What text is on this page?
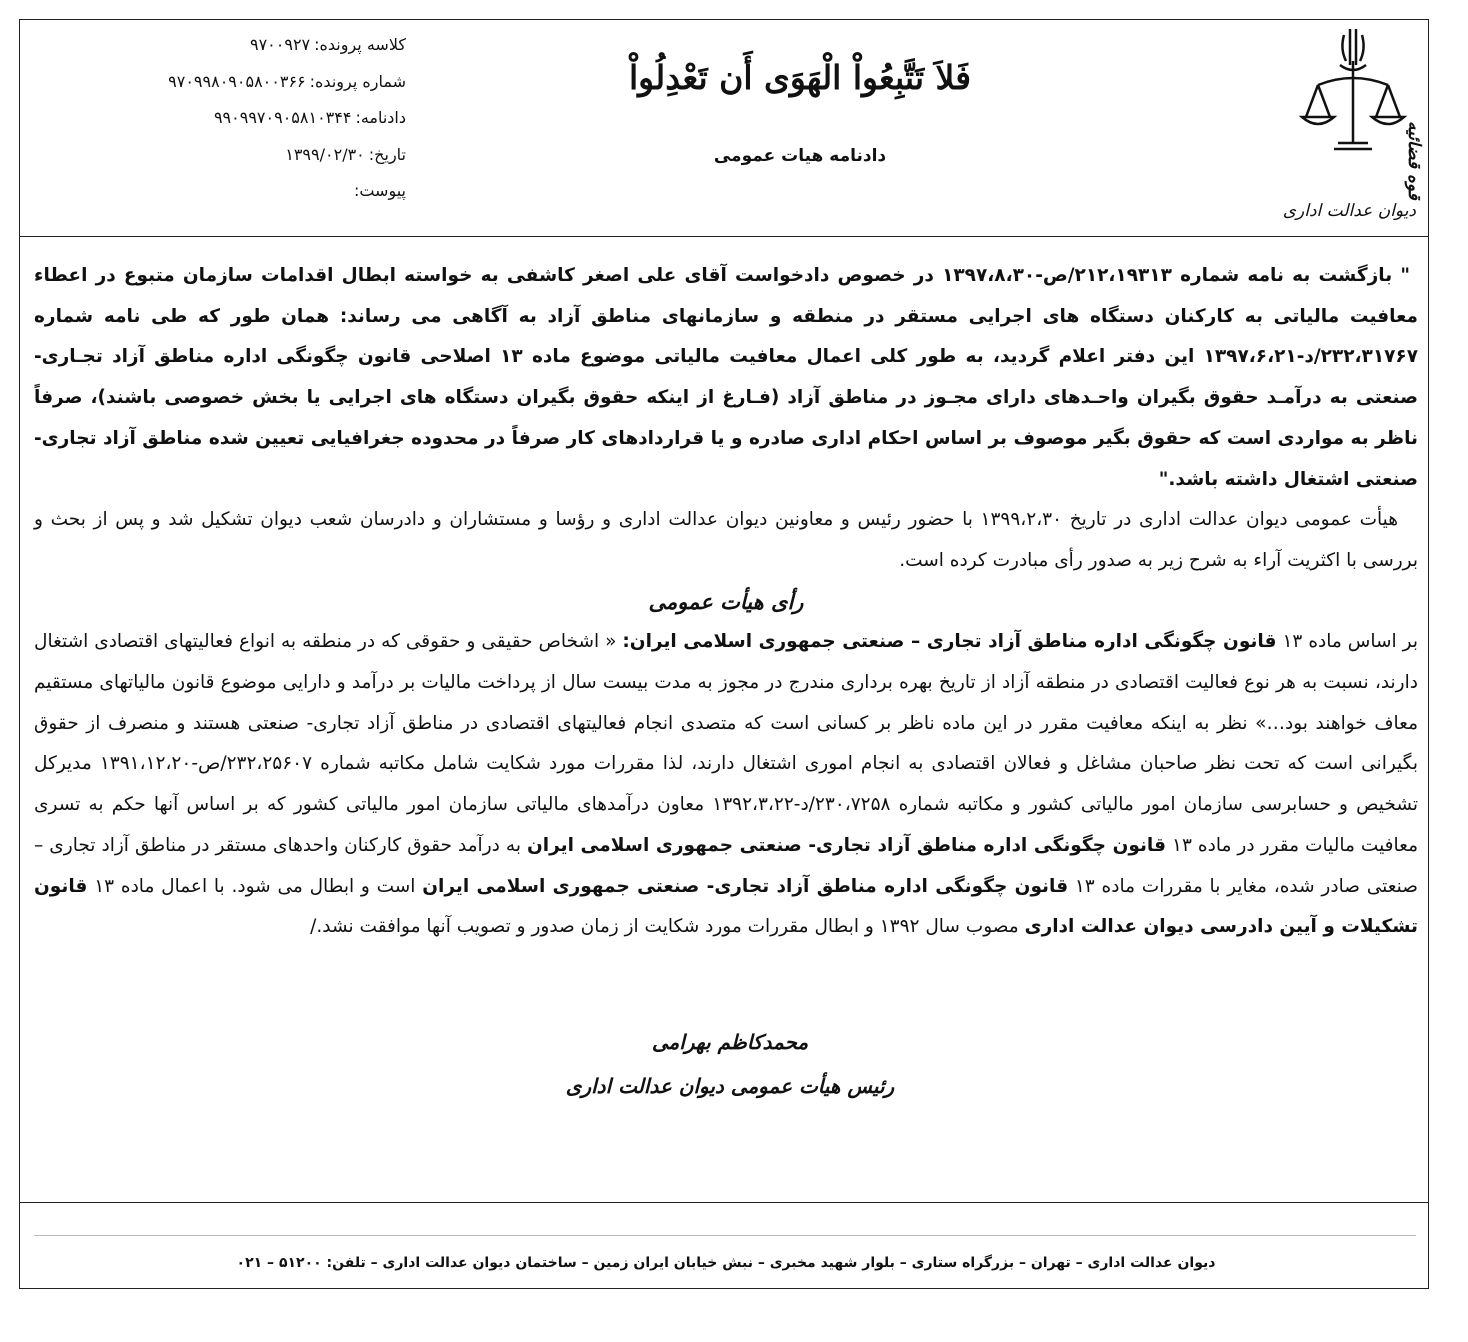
قوه قضائیه
دیوان عدالت اداری
فَلاَ تَتَّبِعُواْ الْهَوَى أَن تَعْدِلُواْ
دادنامه هیات عمومی
کلاسه پرونده:۹۷۰۰۹۲۷
شماره پرونده:۹۷۰۹۹۸۰۹۰۵۸۰۰۳۶۶
دادنامه:۹۹۰۹۹۷۰۹۰۵۸۱۰۳۴۴
تاریخ:۱۳۹۹/۰۲/۳۰
پیوست:

" بازگشت به نامه شماره ۲۱۲،۱۹۳۱۳/ص-۱۳۹۷،۸،۳۰ در خصوص دادخواست آقای علی اصغر کاشفی به خواسته ابطال اقدامات سازمان متبوع در اعطاء معافیت مالیاتی به کارکنان دستگاه های اجرایی مستقر در منطقه و سازمانهای مناطق آزاد به آگاهی می رساند: همان طور که طی نامه شماره ۲۳۲،۳۱۷۶۷/د-۱۳۹۷،۶،۲۱ این دفتر اعلام گردید، به طور کلی اعمال معافیت مالیاتی موضوع ماده ۱۳ اصلاحی قانون چگونگی اداره مناطق آزاد تجـاری- صنعتی به درآمـد حقوق بگیران واحـدهای دارای مجـوز در مناطق آزاد (فـارغ از اینکه حقوق بگیران دستگاه های اجرایی یا بخش خصوصی باشند)، صرفاً ناظر به مواردی است که حقوق بگیر موصوف بر اساس احکام اداری صادره و یا قراردادهای کار صرفاً در محدوده جغرافیایی تعیین شده مناطق آزاد تجاری- صنعتی اشتغال داشته باشد."

هیأت عمومی دیوان عدالت اداری در تاریخ ۱۳۹۹،۲،۳۰ با حضور رئیس و معاونین دیوان عدالت اداری و رؤسا و مستشاران و دادرسان شعب دیوان تشکیل شد و پس از بحث و بررسی با اکثریت آراء به شرح زیر به صدور رأی مبادرت کرده است.

رأی هیأت عمومی

بر اساس ماده ۱۳ قانون چگونگی اداره مناطق آزاد تجاری – صنعتی جمهوری اسلامی ایران: « اشخاص حقیقی و حقوقی که در منطقه به انواع فعالیتهای اقتصادی اشتغال دارند، نسبت به هر نوع فعالیت اقتصادی در منطقه آزاد از تاریخ بهره برداری مندرج در مجوز به مدت بیست سال از پرداخت مالیات بر درآمد و دارایی موضوع قانون مالیاتهای مستقیم معاف خواهند بود…» نظر به اینکه معافیت مقرر در این ماده ناظر بر کسانی است که متصدی انجام فعالیتهای اقتصادی در مناطق آزاد تجاری- صنعتی هستند و منصرف از حقوق بگیرانی است که تحت نظر صاحبان مشاغل و فعالان اقتصادی به انجام اموری اشتغال دارند، لذا مقررات مورد شکایت شامل مکاتبه شماره ۲۳۲،۲۵۶۰۷/ص-۱۳۹۱،۱۲،۲۰ مدیرکل تشخیص و حسابرسی سازمان امور مالیاتی کشور و مکاتبه شماره ۲۳۰،۷۲۵۸/د-۱۳۹۲،۳،۲۲ معاون درآمدهای مالیاتی سازمان امور مالیاتی کشور که بر اساس آنها حکم به تسری معافیت مالیات مقرر در ماده ۱۳ قانون چگونگی اداره مناطق آزاد تجاری- صنعتی جمهوری اسلامی ایران به درآمد حقوق کارکنان واحدهای مستقر در مناطق آزاد تجاری – صنعتی صادر شده، مغایر با مقررات ماده ۱۳ قانون چگونگی اداره مناطق آزاد تجاری- صنعتی جمهوری اسلامی ایران است و ابطال می شود. با اعمال ماده ۱۳ قانون تشکیلات و آیین دادرسی دیوان عدالت اداری مصوب سال ۱۳۹۲ و ابطال مقررات مورد شکایت از زمان صدور و تصویب آنها موافقت نشد./

محمدکاظم بهرامی
رئیس هیأت عمومی دیوان عدالت اداری
دیوان عدالت اداری – تهران – بزرگراه ستاری – بلوار شهید مخبری – نبش خیابان ایران زمین – ساختمان دیوان عدالت اداری – تلفن: ۵۱۲۰۰ – ۰۲۱
